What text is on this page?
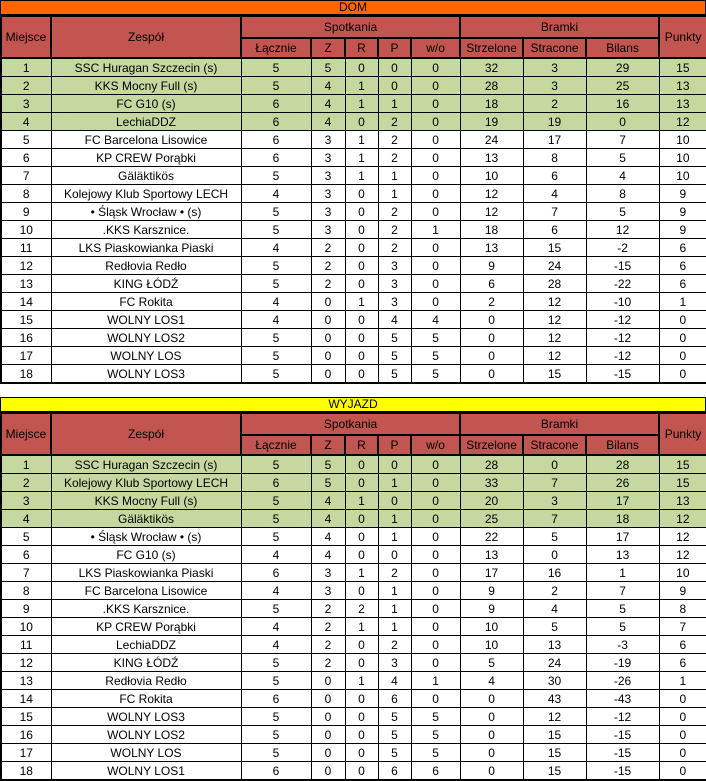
DOM
Miejsce	Zespół	Spotkania					Bramki			Punkty
		Łącznie	Z	R	P	w/o	Strzelone	Stracone	Bilans	
1	SSC Huragan Szczecin (s)	5	5	0	0	0	32	3	29	15
2	KKS Mocny Full (s)	5	4	1	0	0	28	3	25	13
3	FC G10 (s)	6	4	1	1	0	18	2	16	13
4	LechiaDDZ	6	4	0	2	0	19	19	0	12
5	FC Barcelona Lisowice	6	3	1	2	0	24	17	7	10
6	KP CREW Porąbki	6	3	1	2	0	13	8	5	10
7	Gäläktikös	5	3	1	1	0	10	6	4	10
8	Kolejowy Klub Sportowy LECH	4	3	0	1	0	12	4	8	9
9	• Śląsk Wrocław • (s)	5	3	0	2	0	12	7	5	9
10	.KKS Karsznice.	5	3	0	2	1	18	6	12	9
11	LKS Piaskowianka Piaski	4	2	0	2	0	13	15	-2	6
12	Redłovia Redło	5	2	0	3	0	9	24	-15	6
13	KING ŁÓDŹ	5	2	0	3	0	6	28	-22	6
14	FC Rokita	4	0	1	3	0	2	12	-10	1
15	WOLNY LOS1	4	0	0	4	4	0	12	-12	0
16	WOLNY LOS2	5	0	0	5	5	0	12	-12	0
17	WOLNY LOS	5	0	0	5	5	0	12	-12	0
18	WOLNY LOS3	5	0	0	5	5	0	15	-15	0
WYJAZD
Miejsce	Zespół	Spotkania					Bramki			Punkty
		Łącznie	Z	R	P	w/o	Strzelone	Stracone	Bilans	
1	SSC Huragan Szczecin (s)	5	5	0	0	0	28	0	28	15
2	Kolejowy Klub Sportowy LECH	6	5	0	1	0	33	7	26	15
3	KKS Mocny Full (s)	5	4	1	0	0	20	3	17	13
4	Gäläktikös	5	4	0	1	0	25	7	18	12
5	• Śląsk Wrocław • (s)	5	4	0	1	0	22	5	17	12
6	FC G10 (s)	4	4	0	0	0	13	0	13	12
7	LKS Piaskowianka Piaski	6	3	1	2	0	17	16	1	10
8	FC Barcelona Lisowice	4	3	0	1	0	9	2	7	9
9	.KKS Karsznice.	5	2	2	1	0	9	4	5	8
10	KP CREW Porąbki	4	2	1	1	0	10	5	5	7
11	LechiaDDZ	4	2	0	2	0	10	13	-3	6
12	KING ŁÓDŹ	5	2	0	3	0	5	24	-19	6
13	Redłovia Redło	5	0	1	4	1	4	30	-26	1
14	FC Rokita	6	0	0	6	0	0	43	-43	0
15	WOLNY LOS3	5	0	0	5	5	0	12	-12	0
16	WOLNY LOS2	5	0	0	5	5	0	15	-15	0
17	WOLNY LOS	5	0	0	5	5	0	15	-15	0
18	WOLNY LOS1	6	0	0	6	6	0	15	-15	0
